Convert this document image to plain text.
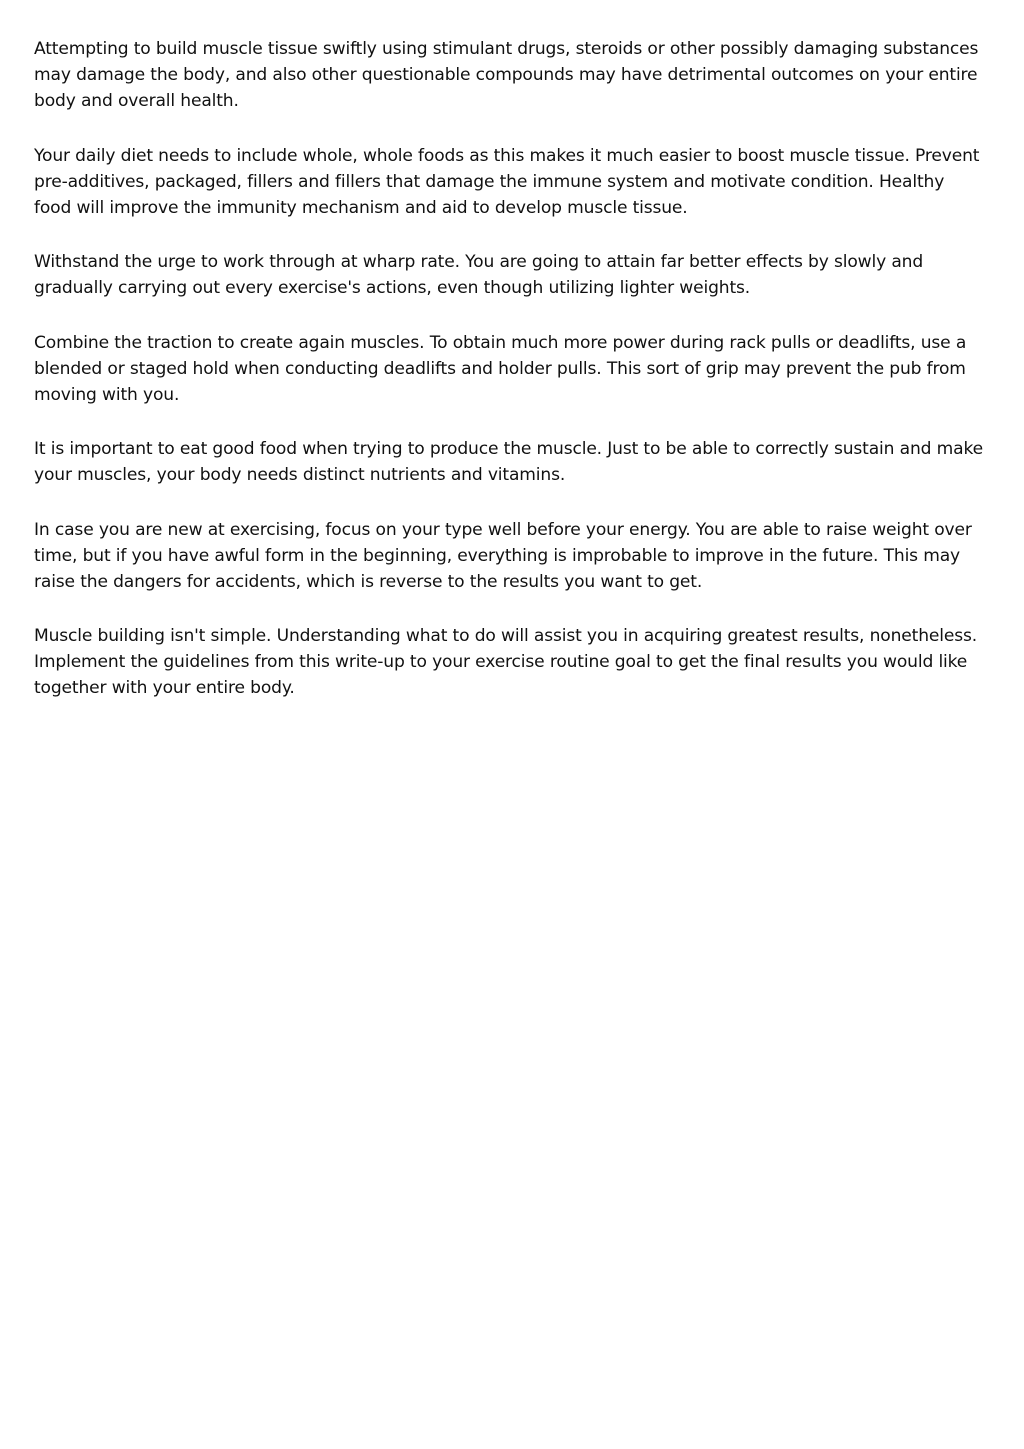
Attempting to build muscle tissue swiftly using stimulant drugs, steroids or other possibly damaging substances may damage the body, and also other questionable compounds may have detrimental outcomes on your entire body and overall health.

Your daily diet needs to include whole, whole foods as this makes it much easier to boost muscle tissue. Prevent pre-additives, packaged, fillers and fillers that damage the immune system and motivate condition. Healthy food will improve the immunity mechanism and aid to develop muscle tissue.

Withstand the urge to work through at wharp rate. You are going to attain far better effects by slowly and gradually carrying out every exercise's actions, even though utilizing lighter weights.

Combine the traction to create again muscles. To obtain much more power during rack pulls or deadlifts, use a blended or staged hold when conducting deadlifts and holder pulls. This sort of grip may prevent the pub from moving with you.

It is important to eat good food when trying to produce the muscle. Just to be able to correctly sustain and make your muscles, your body needs distinct nutrients and vitamins.

In case you are new at exercising, focus on your type well before your energy. You are able to raise weight over time, but if you have awful form in the beginning, everything is improbable to improve in the future. This may raise the dangers for accidents, which is reverse to the results you want to get.

Muscle building isn't simple. Understanding what to do will assist you in acquiring greatest results, nonetheless. Implement the guidelines from this write-up to your exercise routine goal to get the final results you would like together with your entire body.
